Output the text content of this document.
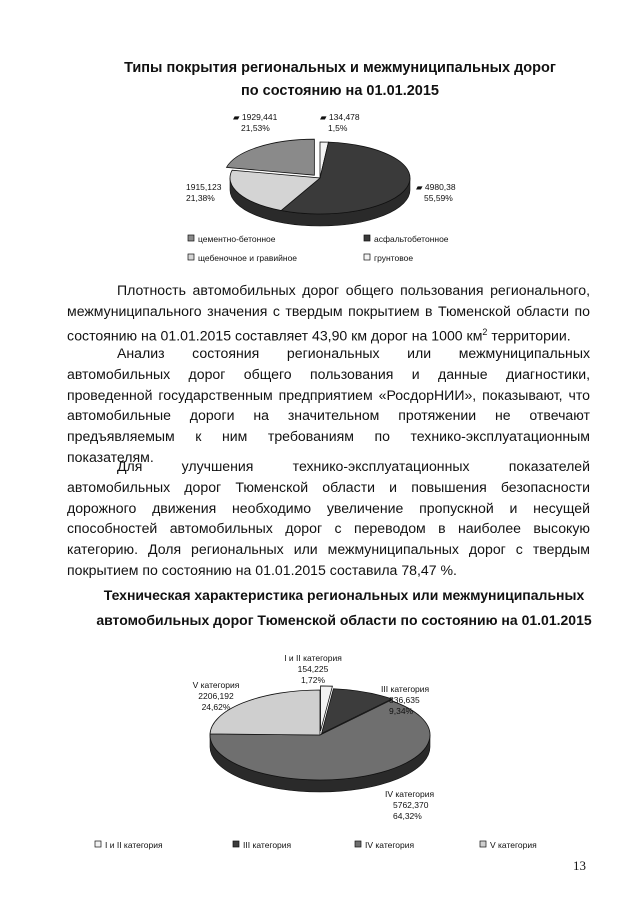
Типы покрытия региональных и межмуниципальных дорог
по состоянию на 01.01.2015
▰ 1929,441
21,53%
▰ 134,478
1,5%
1915,123
21,38%
▰ 4980,38
55,59%
цементно-бетонное	асфальтобетонное
щебеночное и гравийное	грунтовое

Плотность автомобильных дорог общего пользования регионального, межмуниципального значения с твердым покрытием в Тюменской области по состоянию на 01.01.2015 составляет 43,90 км дорог на 1000 $км^2$ территории.

Анализ состояния региональных или межмуниципальных автомобильных дорог общего пользования и данные диагностики, проведенной государственным предприятием «РосдорНИИ», показывают, что автомобильные дороги на значительном протяжении не отвечают предъявляемым к ним требованиям по технико-эксплуатационным показателям.

Для улучшения технико-эксплуатационных показателей автомобильных дорог Тюменской области и повышения безопасности дорожного движения необходимо увеличение пропускной и несущей способностей автомобильных дорог с переводом в наиболее высокую категорию. Доля региональных или межмуниципальных дорог с твердым покрытием по состоянию на 01.01.2015 составила 78,47 %.

Техническая характеристика региональных или межмуниципальных
автомобильных дорог Тюменской области по состоянию на 01.01.2015
I и II категория
154,225
1,72%
III категория
836,635
9,34%
IV категория
5762,370
64,32%
V категория
2206,192
24,62%
I и II категория	III категория	IV категория	V категория
13
